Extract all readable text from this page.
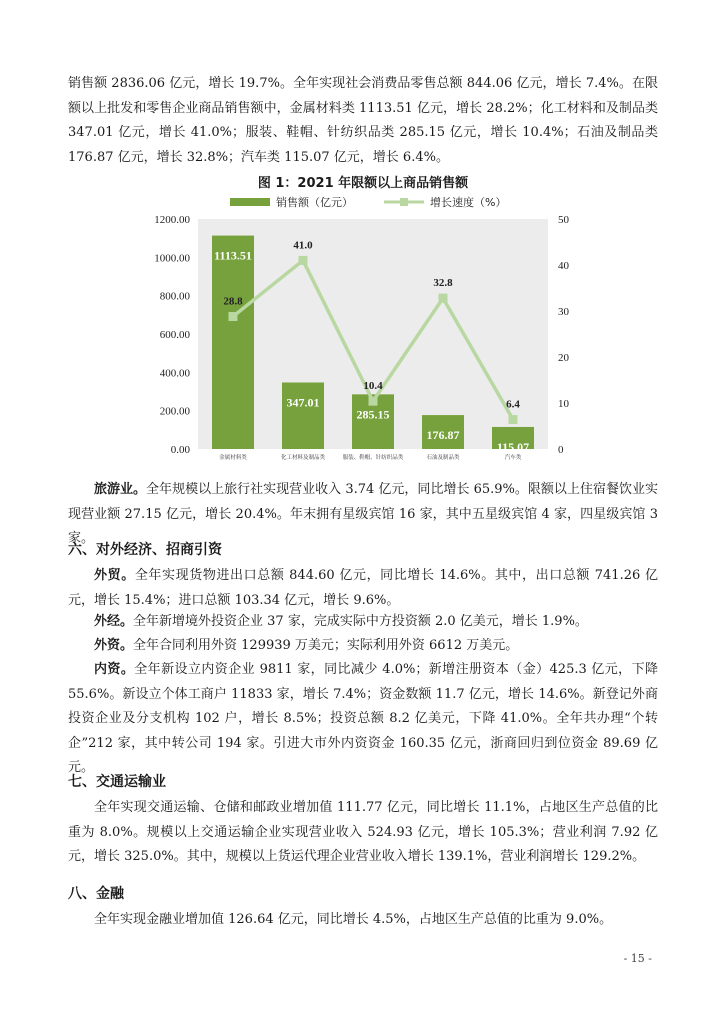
销售额 2836.06 亿元，增长 19.7%。全年实现社会消费品零售总额 844.06 亿元，增长 7.4%。在限额以上批发和零售企业商品销售额中，金属材料类 1113.51 亿元，增长 28.2%；化工材料和及制品类 347.01 亿元，增长 41.0%；服装、鞋帽、针纺织品类 285.15 亿元，增长 10.4%；石油及制品类 176.87 亿元，增长 32.8%；汽车类 115.07 亿元，增长 6.4%。

图 1：2021 年限额以上商品销售额
销售额（亿元）	增长速度（%）
0.00
200.00
400.00
600.00
800.00
1000.00
1200.00
0
10
20
30
40
50
1113.51
347.01
285.15
176.87
115.07
28.8
41.0
10.4
32.8
6.4
金属材料类	化工材料及制品类	服装、鞋帽、针纺织品类	石油及制品类	汽车类

旅游业。全年规模以上旅行社实现营业收入 3.74 亿元，同比增长 65.9%。限额以上住宿餐饮业实现营业额 27.15 亿元，增长 20.4%。年末拥有星级宾馆 16 家，其中五星级宾馆 4 家，四星级宾馆 3 家。

六、对外经济、招商引资

外贸。全年实现货物进出口总额 844.60 亿元，同比增长 14.6%。其中，出口总额 741.26 亿元，增长 15.4%；进口总额 103.34 亿元，增长 9.6%。

外经。全年新增境外投资企业 37 家，完成实际中方投资额 2.0 亿美元，增长 1.9%。

外资。全年合同利用外资 129939 万美元；实际利用外资 6612 万美元。

内资。全年新设立内资企业 9811 家，同比减少 4.0%；新增注册资本（金）425.3 亿元，下降 55.6%。新设立个体工商户 11833 家，增长 7.4%；资金数额 11.7 亿元，增长 14.6%。新登记外商投资企业及分支机构 102 户，增长 8.5%；投资总额 8.2 亿美元，下降 41.0%。全年共办理“个转企”212 家，其中转公司 194 家。引进大市外内资资金 160.35 亿元，浙商回归到位资金 89.69 亿元。

七、交通运输业

全年实现交通运输、仓储和邮政业增加值 111.77 亿元，同比增长 11.1%，占地区生产总值的比重为 8.0%。规模以上交通运输企业实现营业收入 524.93 亿元，增长 105.3%；营业利润 7.92 亿元，增长 325.0%。其中，规模以上货运代理企业营业收入增长 139.1%，营业利润增长 129.2%。

八、金融

全年实现金融业增加值 126.64 亿元，同比增长 4.5%，占地区生产总值的比重为 9.0%。

- 15 -
